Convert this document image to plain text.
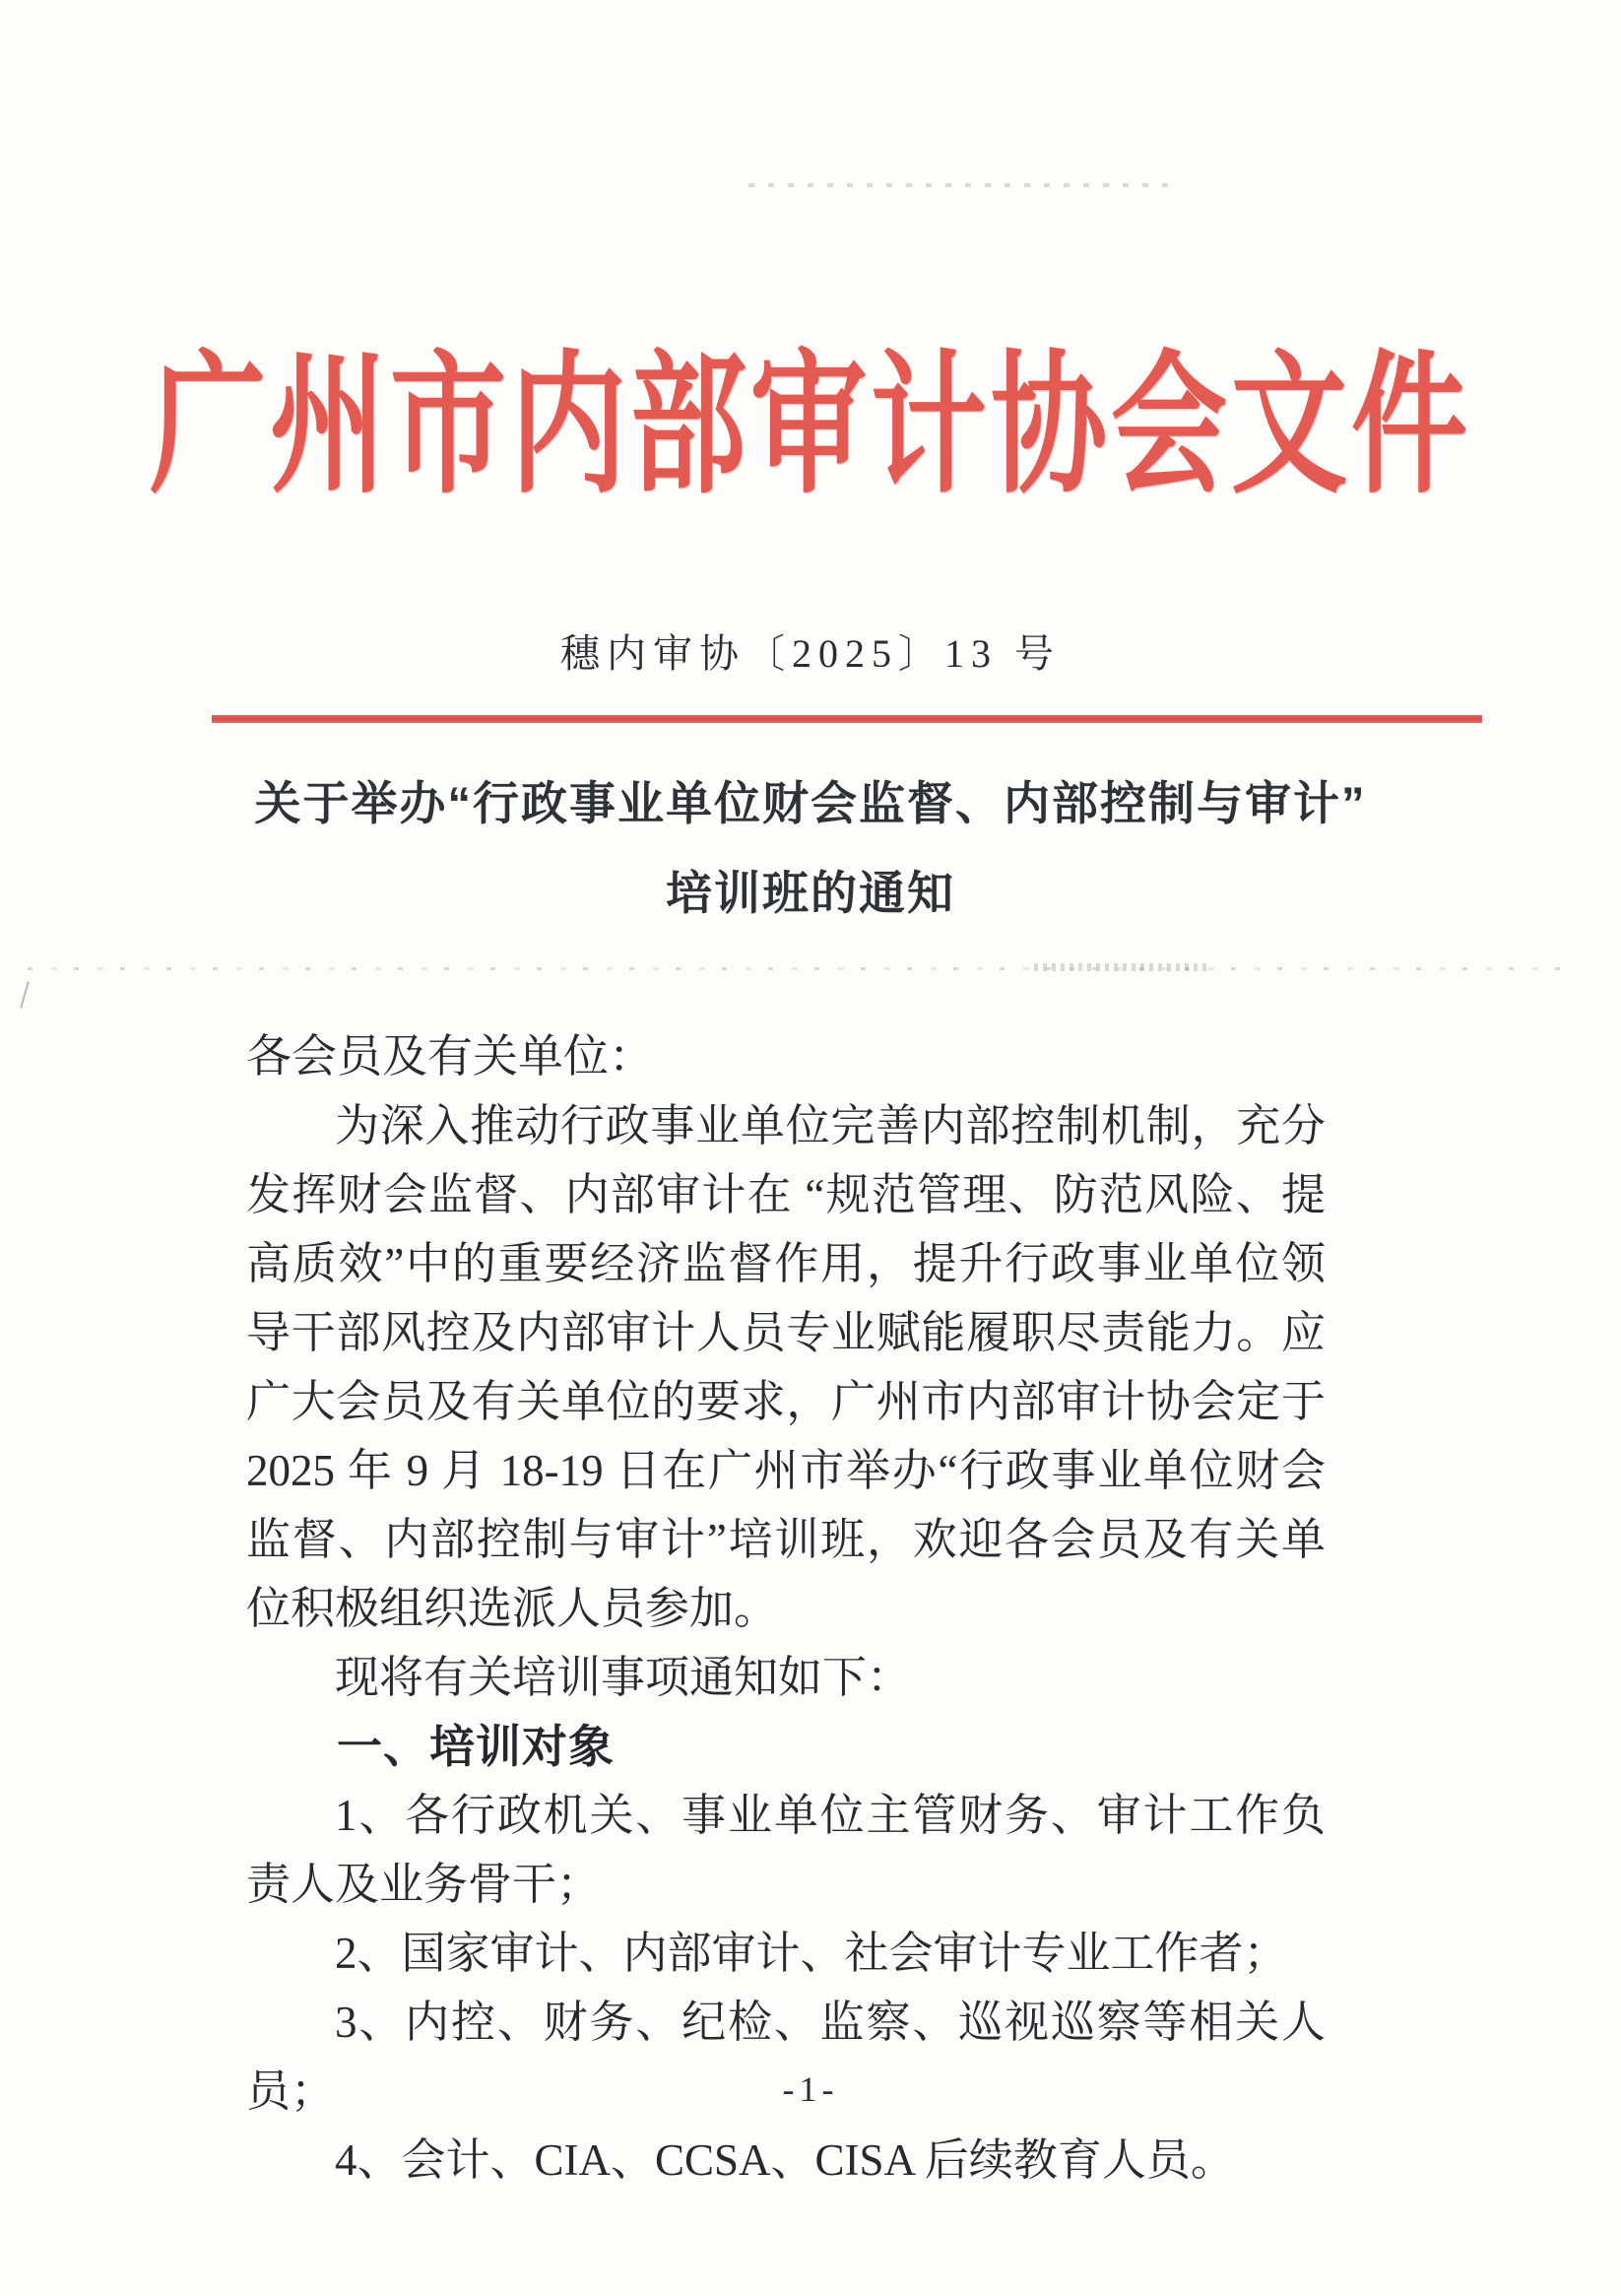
广州市内部审计协会文件
穗内审协〔2025〕13 号
关于举办“行政事业单位财会监督、内部控制与审计”
培训班的通知

各会员及有关单位：

为深入推动行政事业单位完善内部控制机制，充分发挥财会监督、内部审计在 “规范管理、防范风险、提高质效”中的重要经济监督作用，提升行政事业单位领导干部风控及内部审计人员专业赋能履职尽责能力。应广大会员及有关单位的要求，广州市内部审计协会定于 2025 年 9 月 18-19 日在广州市举办“行政事业单位财会监督、内部控制与审计”培训班，欢迎各会员及有关单位积极组织选派人员参加。

现将有关培训事项通知如下：

一、培训对象

1、各行政机关、事业单位主管财务、审计工作负责人及业务骨干；

2、国家审计、内部审计、社会审计专业工作者；

3、内控、财务、纪检、监察、巡视巡察等相关人员；

4、会计、CIA、CCSA、CISA 后续教育人员。

-1-
